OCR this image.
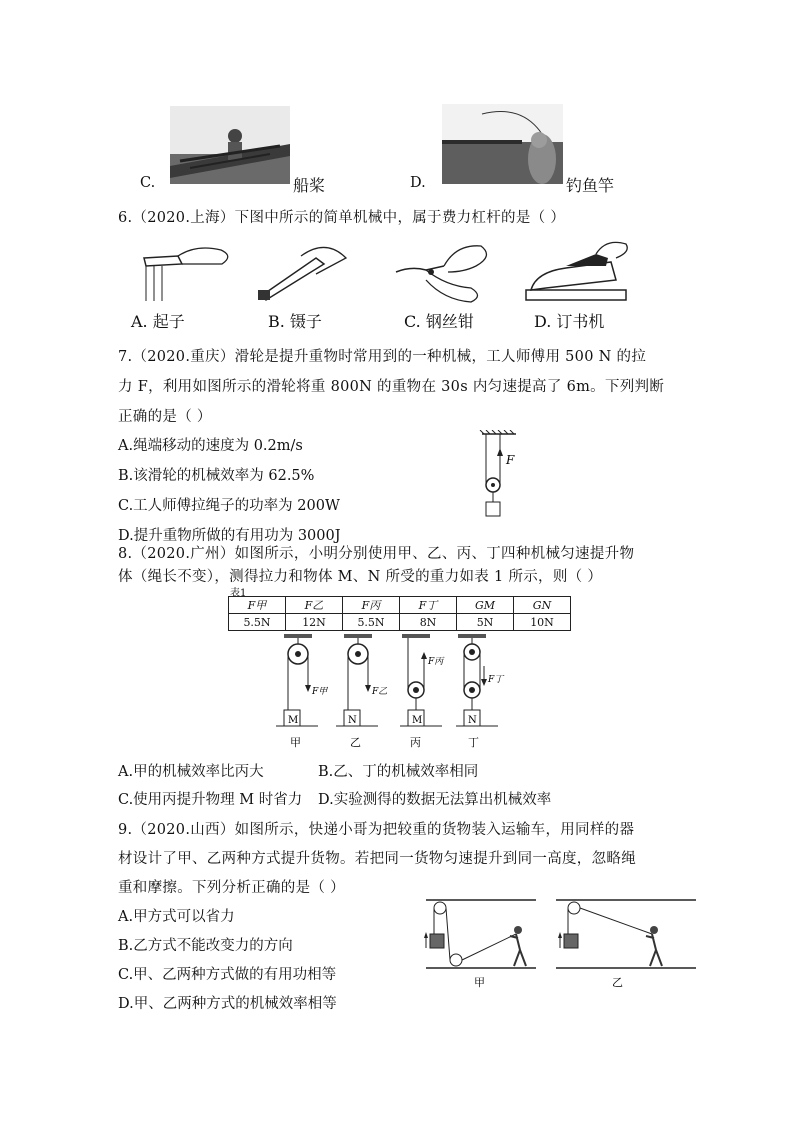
C.	船桨	D.	钓鱼竿
6.（2020.上海）下图中所示的简单机械中，属于费力杠杆的是（ ）
A. 起子	B. 镊子	C. 钢丝钳	D. 订书机
7.（2020.重庆）滑轮是提升重物时常用到的一种机械，工人师傅用 500 N 的拉
力 F，利用如图所示的滑轮将重 800N 的重物在 30s 内匀速提高了 6m。下列判断
正确的是（ ）
A.绳端移动的速度为 0.2m/s
B.该滑轮的机械效率为 62.5%
C.工人师傅拉绳子的功率为 200W
D.提升重物所做的有用功为 3000J
F
8.（2020.广州）如图所示，小明分别使用甲、乙、丙、丁四种机械匀速提升物
体（绳长不变），测得拉力和物体 M、N 所受的重力如表 1 所示，则（ ）
表1
F甲	F乙	F丙	F丁	GM	GN
5.5N	12N	5.5N	8N	5N	10N
F甲
M
甲
F乙
N
乙
F丙
M
丙
F丁
N
丁
A.甲的机械效率比丙大	B.乙、丁的机械效率相同
C.使用丙提升物理 M 时省力 D.实验测得的数据无法算出机械效率
9.（2020.山西）如图所示，快递小哥为把较重的货物装入运输车，用同样的器
材设计了甲、乙两种方式提升货物。若把同一货物匀速提升到同一高度，忽略绳
重和摩擦。下列分析正确的是（ ）
A.甲方式可以省力
B.乙方式不能改变力的方向
C.甲、乙两种方式做的有用功相等
D.甲、乙两种方式的机械效率相等
甲	乙
